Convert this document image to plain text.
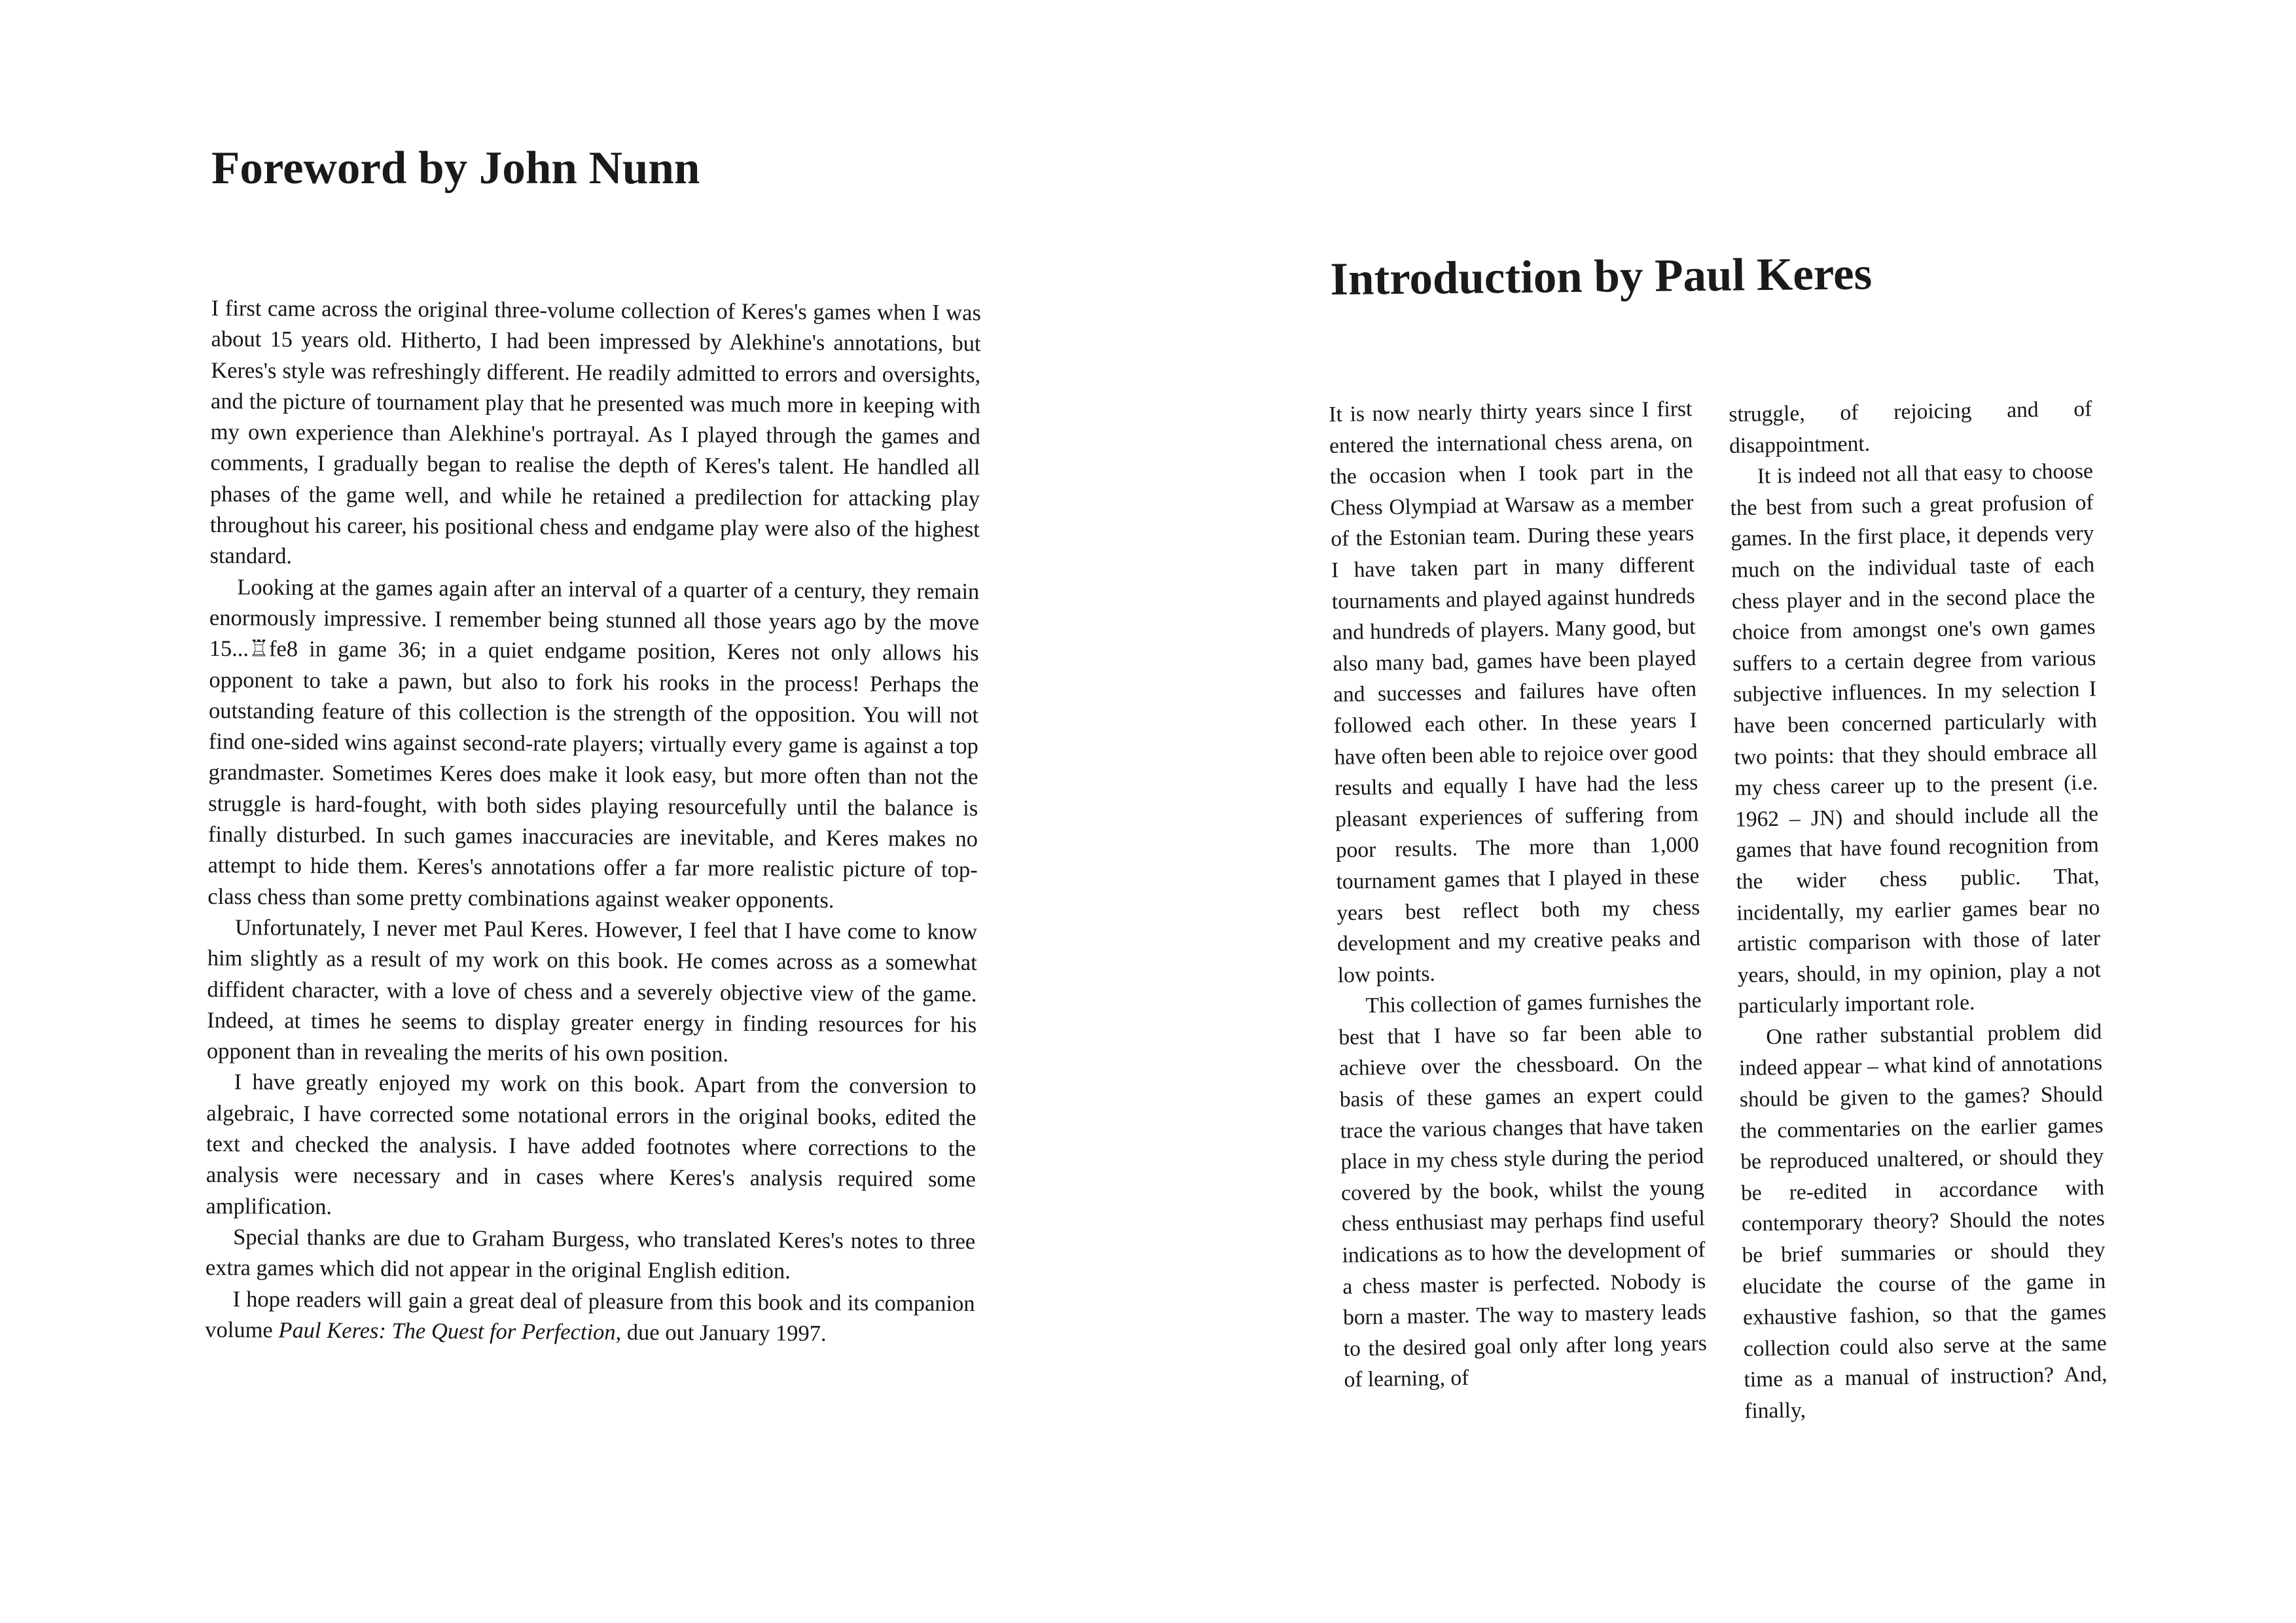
Foreword by John Nunn

I first came across the original three-volume collection of Keres's games when I was about 15 years old. Hitherto, I had been impressed by Alekhine's annotations, but Keres's style was refreshingly different. He readily admitted to errors and oversights, and the picture of tournament play that he presented was much more in keeping with my own experience than Alekhine's portrayal. As I played through the games and comments, I gradually began to realise the depth of Keres's talent. He handled all phases of the game well, and while he retained a predilection for attacking play throughout his career, his positional chess and endgame play were also of the highest standard.

Looking at the games again after an interval of a quarter of a century, they remain enormously impressive. I remember being stunned all those years ago by the move 15...♖fe8 in game 36; in a quiet endgame position, Keres not only allows his opponent to take a pawn, but also to fork his rooks in the process! Perhaps the outstanding feature of this collection is the strength of the opposition. You will not find one-sided wins against second-rate players; virtually every game is against a top grandmaster. Sometimes Keres does make it look easy, but more often than not the struggle is hard-fought, with both sides playing resourcefully until the balance is finally disturbed. In such games inaccuracies are inevitable, and Keres makes no attempt to hide them. Keres's annotations offer a far more realistic picture of top-class chess than some pretty combinations against weaker opponents.

Unfortunately, I never met Paul Keres. However, I feel that I have come to know him slightly as a result of my work on this book. He comes across as a somewhat diffident character, with a love of chess and a severely objective view of the game. Indeed, at times he seems to display greater energy in finding resources for his opponent than in revealing the merits of his own position.

I have greatly enjoyed my work on this book. Apart from the conversion to algebraic, I have corrected some notational errors in the original books, edited the text and checked the analysis. I have added footnotes where corrections to the analysis were necessary and in cases where Keres's analysis required some amplification.

Special thanks are due to Graham Burgess, who translated Keres's notes to three extra games which did not appear in the original English edition.

I hope readers will gain a great deal of pleasure from this book and its companion volume Paul Keres: The Quest for Perfection, due out January 1997.

Introduction by Paul Keres

It is now nearly thirty years since I first entered the international chess arena, on the occasion when I took part in the Chess Olympiad at Warsaw as a member of the Estonian team. During these years I have taken part in many different tournaments and played against hundreds and hundreds of players. Many good, but also many bad, games have been played and successes and failures have often followed each other. In these years I have often been able to rejoice over good results and equally I have had the less pleasant experiences of suffering from poor results. The more than 1,000 tournament games that I played in these years best reflect both my chess development and my creative peaks and low points.

This collection of games furnishes the best that I have so far been able to achieve over the chessboard. On the basis of these games an expert could trace the various changes that have taken place in my chess style during the period covered by the book, whilst the young chess enthusiast may perhaps find useful indications as to how the development of a chess master is perfected. Nobody is born a master. The way to mastery leads to the desired goal only after long years of learning, of

struggle, of rejoicing and of disappointment.

It is indeed not all that easy to choose the best from such a great profusion of games. In the first place, it depends very much on the individual taste of each chess player and in the second place the choice from amongst one's own games suffers to a certain degree from various subjective influences. In my selection I have been concerned particularly with two points: that they should embrace all my chess career up to the present (i.e. 1962 – JN) and should include all the games that have found recognition from the wider chess public. That, incidentally, my earlier games bear no artistic comparison with those of later years, should, in my opinion, play a not particularly important role.

One rather substantial problem did indeed appear – what kind of annotations should be given to the games? Should the commentaries on the earlier games be reproduced unaltered, or should they be re-edited in accordance with contemporary theory? Should the notes be brief summaries or should they elucidate the course of the game in exhaustive fashion, so that the games collection could also serve at the same time as a manual of instruction? And, finally,
